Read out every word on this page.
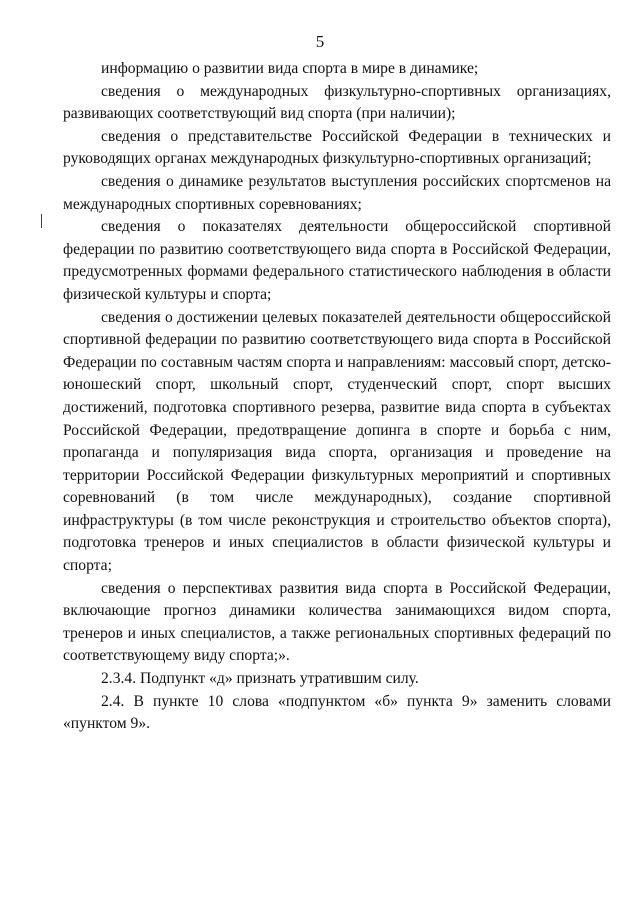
5

информацию о развитии вида спорта в мире в динамике;

сведения о международных физкультурно-спортивных организациях, развивающих соответствующий вид спорта (при наличии);

сведения о представительстве Российской Федерации в технических и руководящих органах международных физкультурно-спортивных организаций;

сведения о динамике результатов выступления российских спортсменов на международных спортивных соревнованиях;

сведения о показателях деятельности общероссийской спортивной федерации по развитию соответствующего вида спорта в Российской Федерации, предусмотренных формами федерального статистического наблюдения в области физической культуры и спорта;

сведения о достижении целевых показателей деятельности общероссийской спортивной федерации по развитию соответствующего вида спорта в Российской Федерации по составным частям спорта и направлениям: массовый спорт, детско-юношеский спорт, школьный спорт, студенческий спорт, спорт высших достижений, подготовка спортивного резерва, развитие вида спорта в субъектах Российской Федерации, предотвращение допинга в спорте и борьба с ним, пропаганда и популяризация вида спорта, организация и проведение на территории Российской Федерации физкультурных мероприятий и спортивных соревнований (в том числе международных), создание спортивной инфраструктуры (в том числе реконструкция и строительство объектов спорта), подготовка тренеров и иных специалистов в области физической культуры и спорта;

сведения о перспективах развития вида спорта в Российской Федерации, включающие прогноз динамики количества занимающихся видом спорта, тренеров и иных специалистов, а также региональных спортивных федераций по соответствующему виду спорта;».

2.3.4. Подпункт «д» признать утратившим силу.

2.4. В пункте 10 слова «подпунктом «б» пункта 9» заменить словами «пунктом 9».
